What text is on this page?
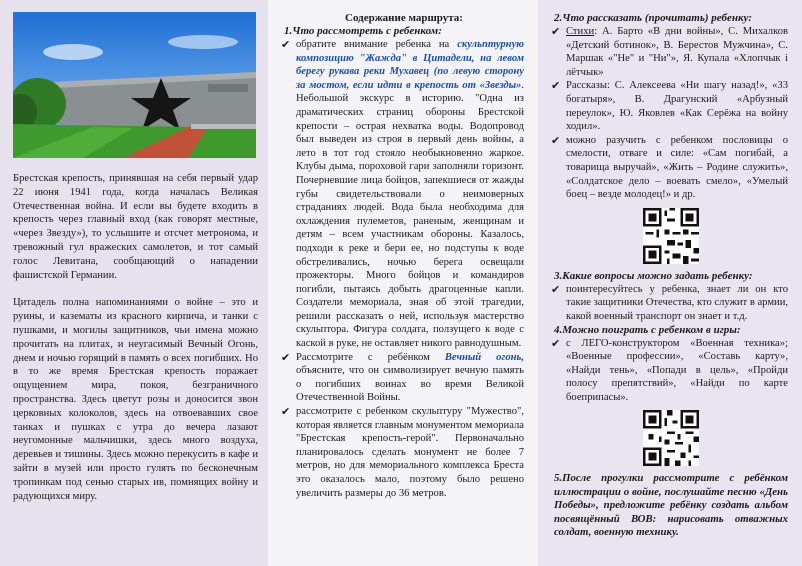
Брестская крепость, принявшая на себя первый удар 22 июня 1941 года, когда началась Великая Отечественная война. И если вы будете входить в крепость через главный вход (как говорят местные, «через Звезду»), то услышите и отсчет метронома, и тревожный гул вражеских самолетов, и тот самый голос Левитана, сообщающий о нападении фашистской Германии.

Цитадель полна напоминаниями о войне – это и руины, и казематы из красного кирпича, и танки с пушками, и могилы защитников, чьи имена можно прочитать на плитах, и неугасимый Вечный Огонь, днем и ночью горящий в память о всех погибших. Но в то же время Брестская крепость поражает ощущением мира, покоя, безграничного пространства. Здесь цветут розы и доносится звон церковных колоколов, здесь на отвоевавших свое танках и пушках с утра до вечера лазают неугомонные мальчишки, здесь много воздуха, деревьев и тишины. Здесь можно перекусить в кафе и зайти в музей или просто гулять по бесконечным тропинкам под сенью старых ив, помнящих войну и радующихся миру.

Содержание маршрута:

1.Что рассмотреть с ребенком:

✔ обратите внимание ребенка на скульптурную композицию "Жажда" в Цитадели, на левом берегу рукава реки Мухавец (по левую сторону за мостом, если идти в крепость от «Звезды». Небольшой экскурс в историю. "Одна из драматических страниц обороны Брестской крепости – острая нехватка воды. Водопровод был выведен из строя в первый день войны, а лето в тот год стояло необыкновенно жаркое. Клубы дыма, пороховой гари заполняли горизонт. Почерневшие лица бойцов, запекшиеся от жажды губы свидетельствовали о неимоверных страданиях людей. Вода была необходима для охлаждения пулеметов, раненым, женщинам и детям – всем участникам обороны. Казалось, подходи к реке и бери ее, но подступы к воде обстреливались, ночью берега освещали прожекторы. Много бойцов и командиров погибли, пытаясь добыть драгоценные капли. Создатели мемориала, зная об этой трагедии, решили рассказать о ней, используя мастерство скульптора. Фигура солдата, ползущего к воде с каской в руке, не оставляет никого равнодушным.

✔ Рассмотрите с ребёнком Вечный огонь, объясните, что он символизирует вечную память о погибших воинах во время Великой Отечественной Войны.

✔ рассмотрите с ребенком скульптуру "Мужество", которая является главным монументом мемориала "Брестская крепость-герой". Первоначально планировалось сделать монумент не более 7 метров, но для мемориального комплекса Бреста это оказалось мало, поэтому было решено увеличить размеры до 36 метров.

2.Что рассказать (прочитать) ребенку:

✔ Стихи: А. Барто «В дни войны», С. Михалков «Детский ботинок», В. Берестов Мужчина», С. Маршак «"Не" и "Ни"», Я. Купала «Хлопчык і лётчык»

✔ Рассказы: С. Алексеева «Ни шагу назад!», «33 богатыря», В. Драгунский «Арбузный переулок», Ю. Яковлев «Как Серёжа на войну ходил».

✔ можно разучить с ребенком пословицы о смелости, отваге и силе: «Сам погибай, а товарища выручай», «Жить – Родине служить», «Солдатское дело – воевать смело», «Умелый боец – везде молодец!» и др.

3.Какие вопросы можно задать ребенку:

✔ поинтересуйтесь у ребенка, знает ли он кто такие защитники Отечества, кто служит в армии, какой военный транспорт он знает и т.д.

4.Можно поиграть с ребенком в игры:

✔ с ЛЕГО-конструктором «Военная техника»; «Военные профессии», «Составь карту», «Найди тень», «Попади в цель», «Пройди полосу препятствий», «Найди по карте боеприпасы».

5.После прогулки рассмотрите с ребёнком иллюстрации о войне, послушайте песню «День Победы», предложите ребёнку создать альбом посвящённый ВОВ: нарисовать отважных солдат, военную технику.
